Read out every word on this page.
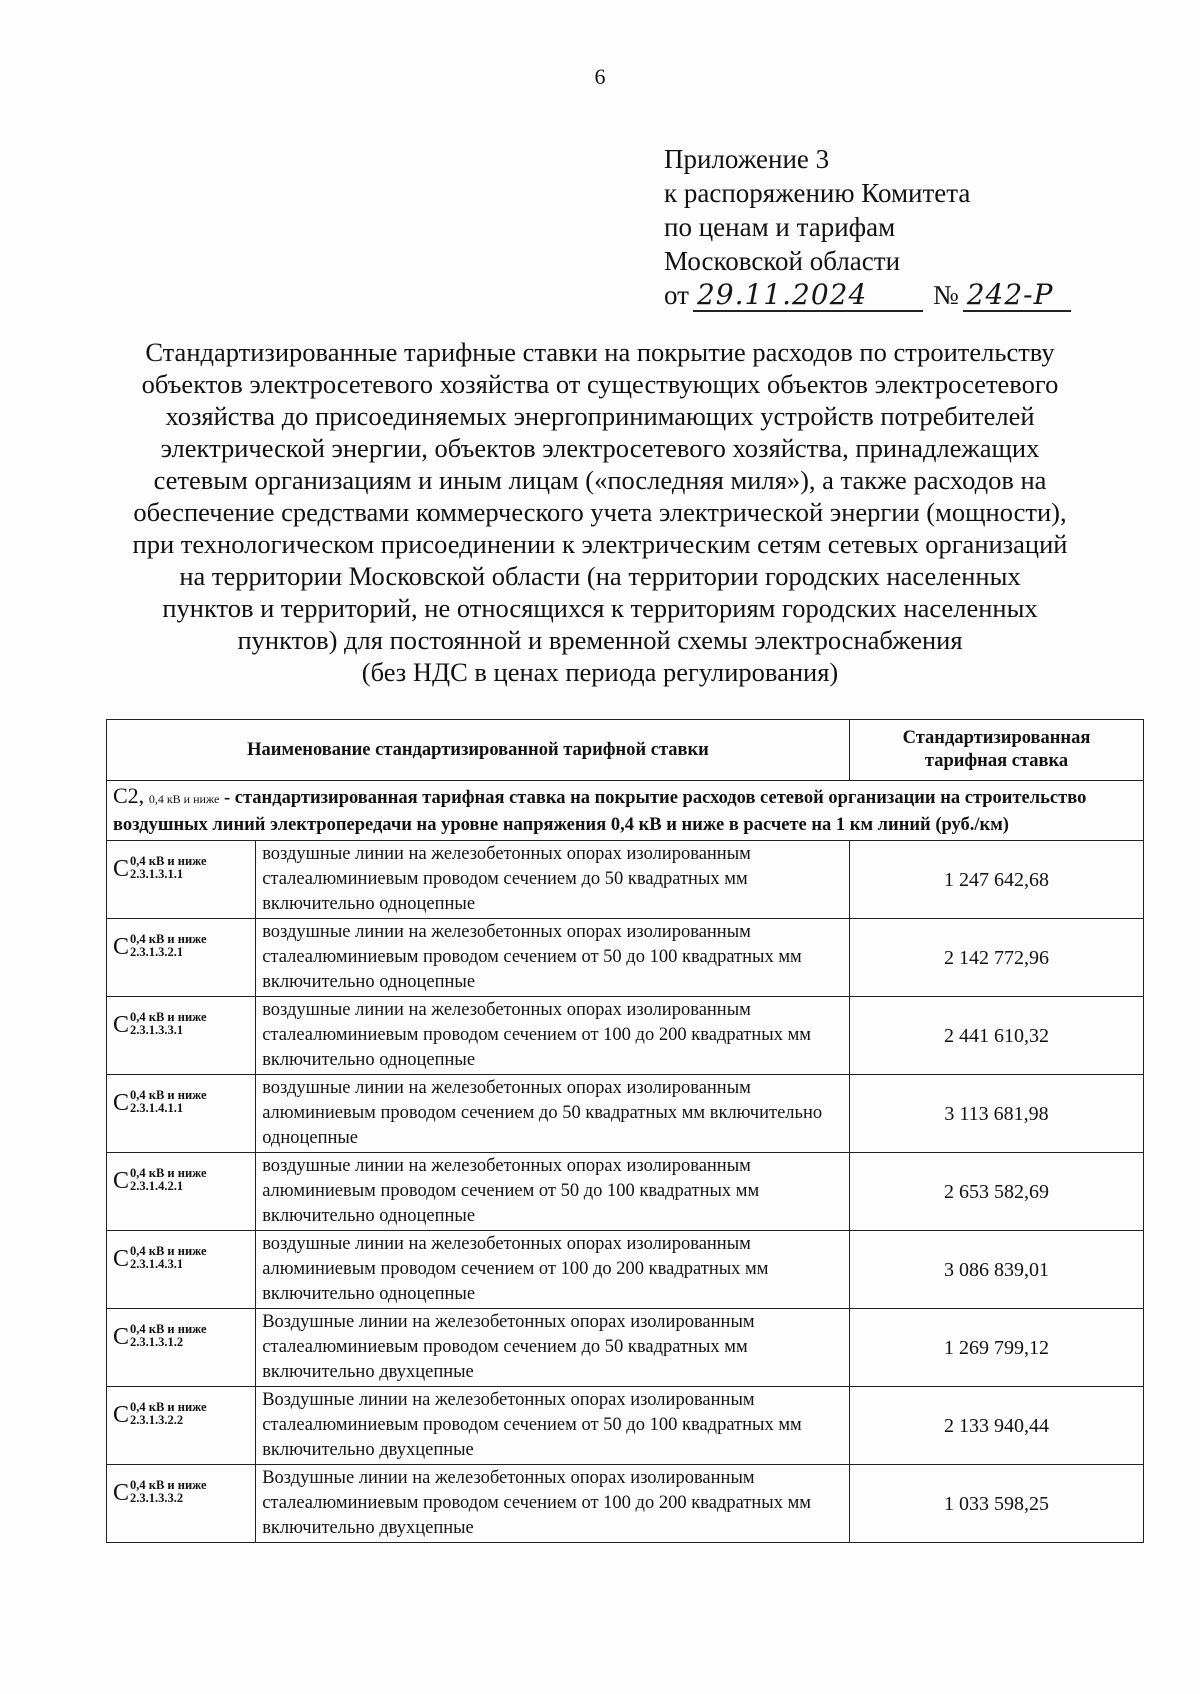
6
Приложение 3
к распоряжению Комитета
по ценам и тарифам
Московской области
от 29.11.2024	№ 242-Р
Стандартизированные тарифные ставки на покрытие расходов по строительству
объектов электросетевого хозяйства от существующих объектов электросетевого
хозяйства до присоединяемых энергопринимающих устройств потребителей
электрической энергии, объектов электросетевого хозяйства, принадлежащих
сетевым организациям и иным лицам («последняя миля»), а также расходов на
обеспечение средствами коммерческого учета электрической энергии (мощности),
при технологическом присоединении к электрическим сетям сетевых организаций
на территории Московской области (на территории городских населенных
пунктов и территорий, не относящихся к территориям городских населенных
пунктов) для постоянной и временной схемы электроснабжения
(без НДС в ценах периода регулирования)
Наименование стандартизированной тарифной ставки		Стандартизированная
тарифная ставка

C2, 0,4 кВ и ниже - стандартизированная тарифная ставка на покрытие расходов сетевой организации на строительство воздушных линий электропередачи на уровне напряжения 0,4 кВ и ниже в расчете на 1 км линий (руб./км)		

C 0,4 кВ и ниже
2.3.1.3.1.1	воздушные линии на железобетонных опорах изолированным сталеалюминиевым проводом сечением до 50 квадратных мм включительно одноцепные	1 247 642,68

C 0,4 кВ и ниже
2.3.1.3.2.1	воздушные линии на железобетонных опорах изолированным сталеалюминиевым проводом сечением от 50 до 100 квадратных мм включительно одноцепные	2 142 772,96

C 0,4 кВ и ниже
2.3.1.3.3.1	воздушные линии на железобетонных опорах изолированным сталеалюминиевым проводом сечением от 100 до 200 квадратных мм включительно одноцепные	2 441 610,32

C 0,4 кВ и ниже
2.3.1.4.1.1	воздушные линии на железобетонных опорах изолированным алюминиевым проводом сечением до 50 квадратных мм включительно одноцепные	3 113 681,98

C 0,4 кВ и ниже
2.3.1.4.2.1	воздушные линии на железобетонных опорах изолированным алюминиевым проводом сечением от 50 до 100 квадратных мм включительно одноцепные	2 653 582,69

C 0,4 кВ и ниже
2.3.1.4.3.1	воздушные линии на железобетонных опорах изолированным алюминиевым проводом сечением от 100 до 200 квадратных мм включительно одноцепные	3 086 839,01

C 0,4 кВ и ниже
2.3.1.3.1.2	Воздушные линии на железобетонных опорах изолированным сталеалюминиевым проводом сечением до 50 квадратных мм включительно двухцепные	1 269 799,12

C 0,4 кВ и ниже
2.3.1.3.2.2	Воздушные линии на железобетонных опорах изолированным сталеалюминиевым проводом сечением от 50 до 100 квадратных мм включительно двухцепные	2 133 940,44

C 0,4 кВ и ниже
2.3.1.3.3.2	Воздушные линии на железобетонных опорах изолированным сталеалюминиевым проводом сечением от 100 до 200 квадратных мм включительно двухцепные	1 033 598,25
